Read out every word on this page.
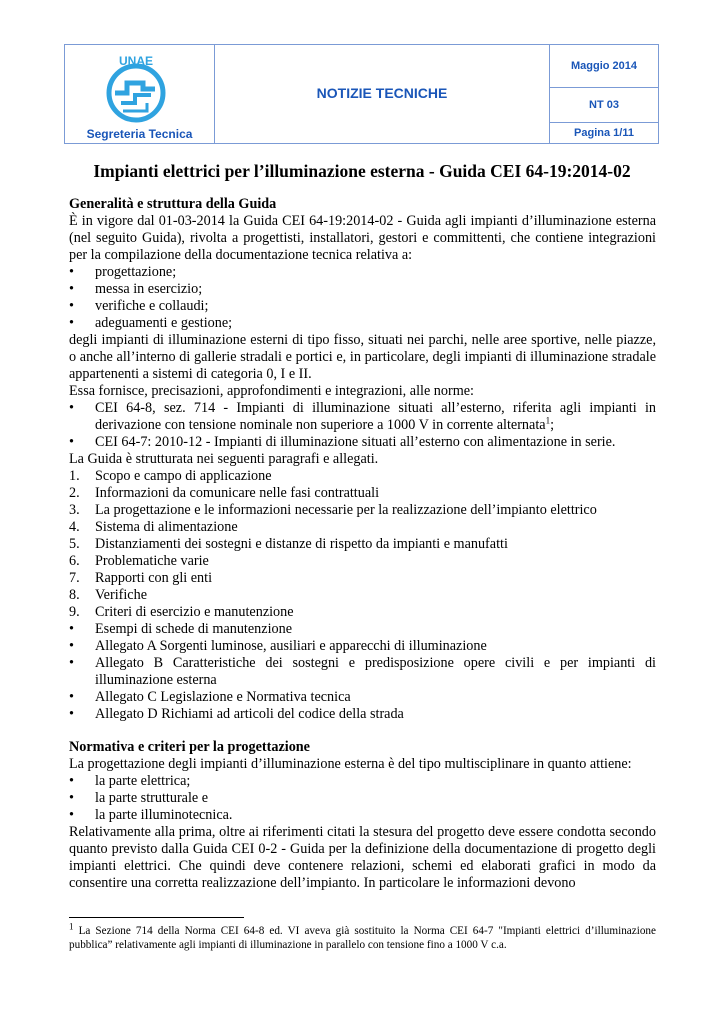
UNAE
Segreteria Tecnica
NOTIZIE TECNICHE
Maggio 2014
NT 03
Pagina 1/11
Impianti elettrici per l’illuminazione esterna - Guida CEI 64-19:2014-02
Generalità e struttura della Guida
È in vigore dal 01-03-2014 la Guida CEI 64-19:2014-02 - Guida agli impianti d’illuminazione esterna (nel seguito Guida), rivolta a progettisti, installatori, gestori e committenti, che contiene integrazioni per la compilazione della documentazione tecnica relativa a:
• progettazione;
• messa in esercizio;
• verifiche e collaudi;
• adeguamenti e gestione;
degli impianti di illuminazione esterni di tipo fisso, situati nei parchi, nelle aree sportive, nelle piazze, o anche all’interno di gallerie stradali e portici e, in particolare, degli impianti di illuminazione stradale appartenenti a sistemi di categoria 0, I e II.
Essa fornisce, precisazioni, approfondimenti e integrazioni, alle norme:
• CEI 64-8, sez. 714 - Impianti di illuminazione situati all’esterno, riferita agli impianti in derivazione con tensione nominale non superiore a 1000 V in corrente alternata$^1$;
• CEI 64-7: 2010-12 - Impianti di illuminazione situati all’esterno con alimentazione in serie.
La Guida è strutturata nei seguenti paragrafi e allegati.
1. Scopo e campo di applicazione
2. Informazioni da comunicare nelle fasi contrattuali
3. La progettazione e le informazioni necessarie per la realizzazione dell’impianto elettrico
4. Sistema di alimentazione
5. Distanziamenti dei sostegni e distanze di rispetto da impianti e manufatti
6. Problematiche varie
7. Rapporti con gli enti
8. Verifiche
9. Criteri di esercizio e manutenzione
• Esempi di schede di manutenzione
• Allegato A Sorgenti luminose, ausiliari e apparecchi di illuminazione
• Allegato B Caratteristiche dei sostegni e predisposizione opere civili e per impianti di illuminazione esterna
• Allegato C Legislazione e Normativa tecnica
• Allegato D Richiami ad articoli del codice della strada
Normativa e criteri per la progettazione
La progettazione degli impianti d’illuminazione esterna è del tipo multisciplinare in quanto attiene:
• la parte elettrica;
• la parte strutturale e
• la parte illuminotecnica.
Relativamente alla prima, oltre ai riferimenti citati la stesura del progetto deve essere condotta secondo quanto previsto dalla Guida CEI 0-2 - Guida per la definizione della documentazione di progetto degli impianti elettrici. Che quindi deve contenere relazioni, schemi ed elaborati grafici in modo da consentire una corretta realizzazione dell’impianto. In particolare le informazioni devono
$^1$ La Sezione 714 della Norma CEI 64-8 ed. VI aveva già sostituito la Norma CEI 64-7 "Impianti elettrici d’illuminazione pubblica” relativamente agli impianti di illuminazione in parallelo con tensione fino a 1000 V c.a.
